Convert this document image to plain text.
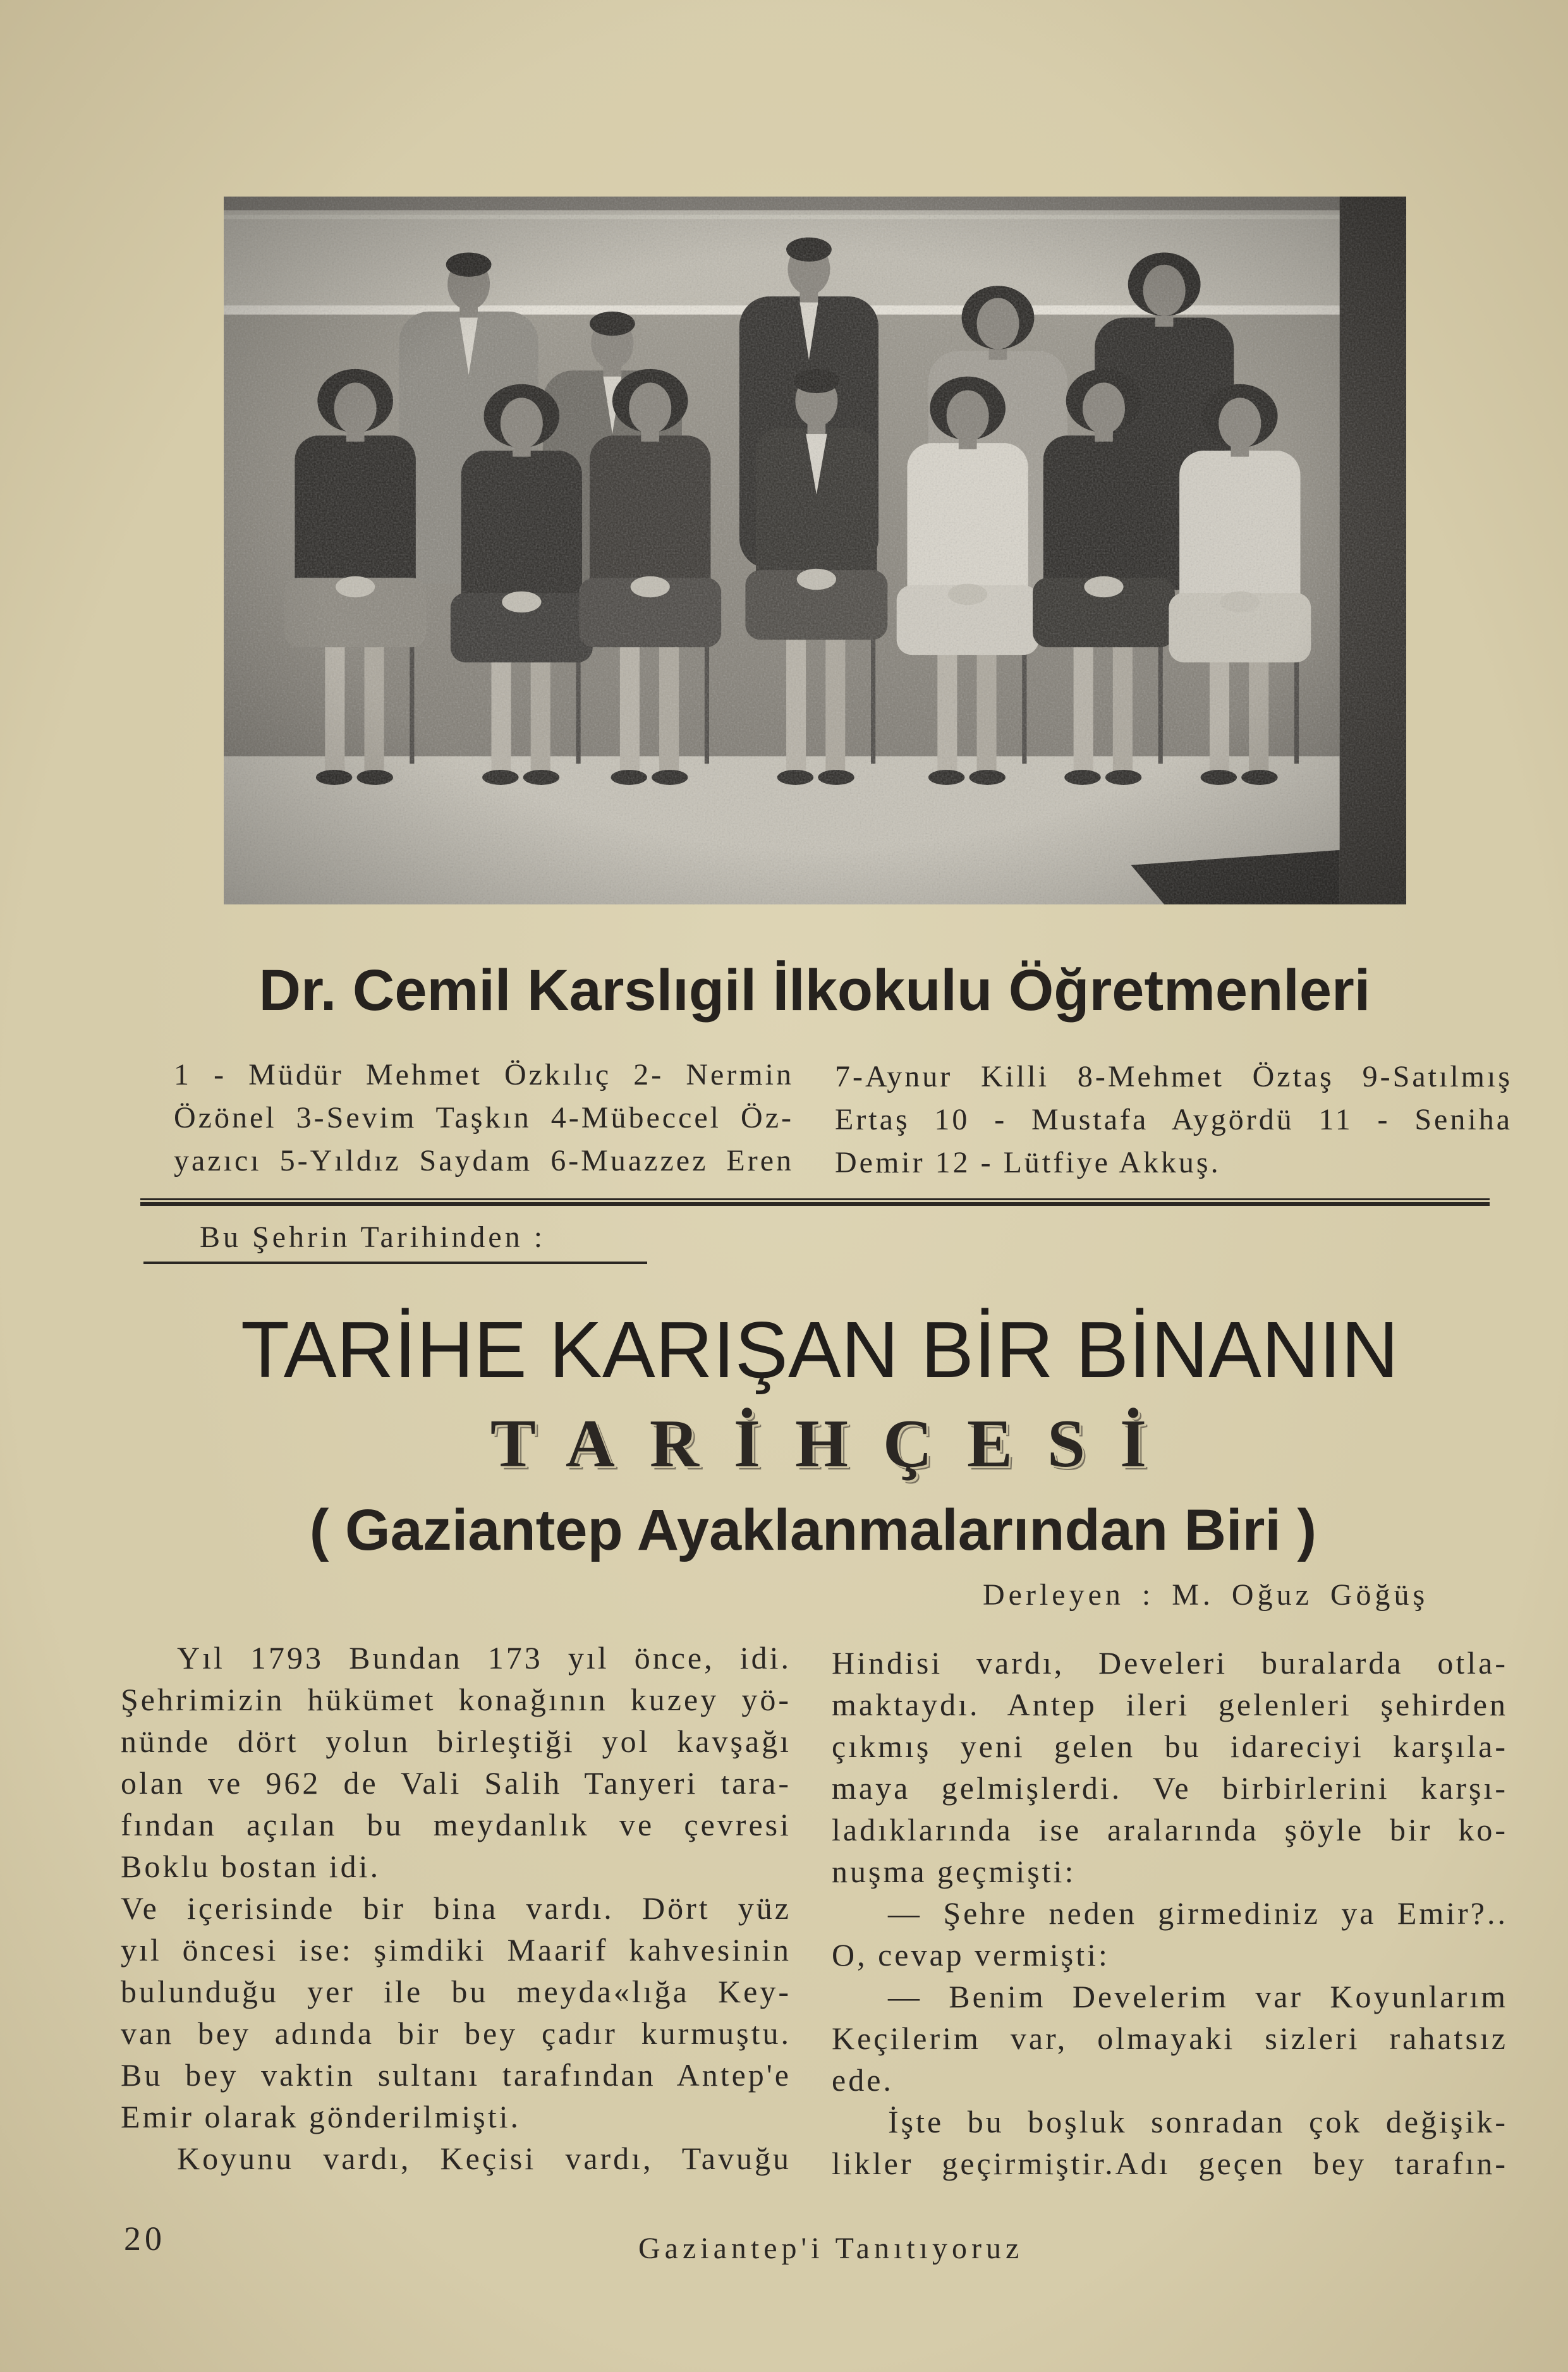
Dr. Cemil Karslıgil İlkokulu Öğretmenleri
1 - Müdür Mehmet Özkılıç 2- Nermin
Özönel 3-Sevim Taşkın 4-Mübeccel Öz-
yazıcı 5-Yıldız Saydam 6-Muazzez Eren
7-Aynur Killi 8-Mehmet Öztaş 9-Satılmış
Ertaş 10 - Mustafa Aygördü 11 - Seniha
Demir 12 - Lütfiye Akkuş.
Bu Şehrin Tarihinden :
TARİHE KARIŞAN BİR BİNANIN
TARİHÇESİ
( Gaziantep Ayaklanmalarından Biri )
Derleyen : M. Oğuz Göğüş
Yıl 1793 Bundan 173 yıl önce, idi.
Şehrimizin hükümet konağının kuzey yö-
nünde dört yolun birleştiği yol kavşağı
olan ve 962 de Vali Salih Tanyeri tara-
fından açılan bu meydanlık ve çevresi
Boklu bostan idi.
Ve içerisinde bir bina vardı. Dört yüz
yıl öncesi ise: şimdiki Maarif kahvesinin
bulunduğu yer ile bu meyda«lığa Key-
van bey adında bir bey çadır kurmuştu.
Bu bey vaktin sultanı tarafından Antep'e
Emir olarak gönderilmişti.
Koyunu vardı, Keçisi vardı, Tavuğu
Hindisi vardı, Develeri buralarda otla-
maktaydı. Antep ileri gelenleri şehirden
çıkmış yeni gelen bu idareciyi karşıla-
maya gelmişlerdi. Ve birbirlerini karşı-
ladıklarında ise aralarında şöyle bir ko-
nuşma geçmişti:
— Şehre neden girmediniz ya Emir?..
O, cevap vermişti:
— Benim Develerim var Koyunlarım
Keçilerim var, olmayaki sizleri rahatsız
ede.
İşte bu boşluk sonradan çok değişik-
likler geçirmiştir.Adı geçen bey tarafın-
20	Gaziantep'i Tanıtıyoruz
